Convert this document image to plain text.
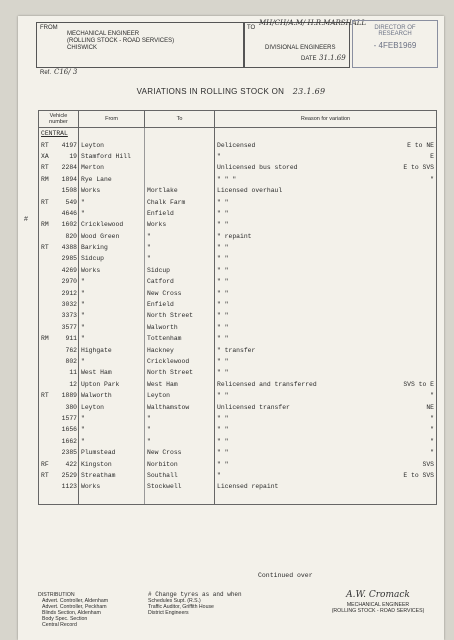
FROM
MECHANICAL ENGINEER
(ROLLING STOCK - ROAD SERVICES)
CHISWICK
Ref. C16/ 3
TO
MH/CH/A.M/ H.R.MARSHALL
DIVISIONAL ENGINEERS
DATE 31.1.69
DIRECTOR OF
RESEARCH
- 4FEB1969
VARIATIONS IN ROLLING STOCK ON 23.1.69
#
Vehicle number	From	To	Reason for variation
CENTRAL			
RT 4197	Leyton		Delicensed E to NE

XA 19	Stamford Hill		" E

RT 2284	Merton		Unlicensed bus stored E to SVS

RM 1894	Rye Lane		" " " "

1508	Works	Mortlake	Licensed overhaul

RT 549	"	Chalk Farm	" "

4646	"	Enfield	" "

RM 1602	Cricklewood	Works	" "

820	Wood Green	"	" repaint

RT 4388	Barking	"	" "

2985	Sidcup	"	" "

4269	Works	Sidcup	" "

2970	"	Catford	" "

2912	"	New Cross	" "

3032	"	Enfield	" "

3373	"	North Street	" "

3577	"	Walworth	" "

RM 911	"	Tottenham	" "

762	Highgate	Hackney	" transfer

802	"	Cricklewood	" "

11	West Ham	North Street	" "

12	Upton Park	West Ham	Relicensed and transferred SVS to E

RT 1889	Walworth	Leyton	" " "

380	Leyton	Walthamstow	Unlicensed transfer NE

1577	"	"	" " "

1656	"	"	" " "

1662	"	"	" " "

2385	Plumstead	New Cross	" " "

RF 422	Kingston	Norbiton	" " SVS

RT 2529	Streatham	Southall	" E to SVS

1123	Works	Stockwell	Licensed repaint

Continued over
DISTRIBUTION
Advert. Controller, Aldenham
Advert. Controller, Peckham
Blinds Section, Aldenham
Body Spec. Section
Central Record
# Change tyres as and when
Schedules Supt. (R.S.)
Traffic Auditor, Griffith House
District Engineers
A.W. Cromack
MECHANICAL ENGINEER
(ROLLING STOCK - ROAD SERVICES)
